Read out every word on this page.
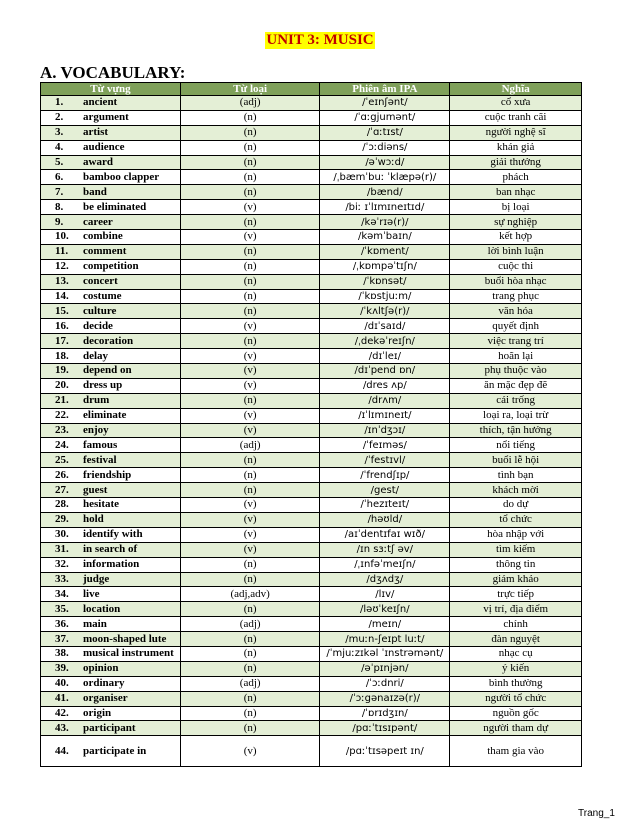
UNIT 3: MUSIC
A. VOCABULARY:
Từ vựng	Từ loại	Phiên âm IPA	Nghĩa
1. ancient	(adj)	/ˈeɪnʃənt/	cổ xưa
2. argument	(n)	/ˈɑːgjumənt/	cuộc tranh cãi
3. artist	(n)	/ˈɑːtɪst/	người nghệ sĩ
4. audience	(n)	/ˈɔːdiəns/	khán giả
5. award	(n)	/əˈwɔːd/	giải thưởng
6. bamboo clapper	(n)	/ˌbæmˈbuː ˈklæpə(r)/	phách
7. band	(n)	/bænd/	ban nhạc
8. be eliminated	(v)	/biː ɪˈlɪmɪneɪtɪd/	bị loại
9. career	(n)	/kəˈrɪə(r)/	sự nghiệp
10. combine	(v)	/kəmˈbaɪn/	kết hợp
11. comment	(n)	/ˈkɒment/	lời bình luận
12. competition	(n)	/ˌkɒmpəˈtɪʃn/	cuộc thi
13. concert	(n)	/ˈkɒnsət/	buổi hòa nhạc
14. costume	(n)	/ˈkɒstjuːm/	trang phục
15. culture	(n)	/ˈkʌltʃə(r)/	văn hóa
16. decide	(v)	/dɪˈsaɪd/	quyết định
17. decoration	(n)	/ˌdekəˈreɪʃn/	việc trang trí
18. delay	(v)	/dɪˈleɪ/	hoãn lại
19. depend on	(v)	/dɪˈpend ɒn/	phụ thuộc vào
20. dress up	(v)	/dres ʌp/	ăn mặc đẹp đẽ
21. drum	(n)	/drʌm/	cái trống
22. eliminate	(v)	/ɪˈlɪmɪneɪt/	loại ra, loại trừ
23. enjoy	(v)	/ɪnˈdʒɔɪ/	thích, tận hưởng
24. famous	(adj)	/ˈfeɪməs/	nổi tiếng
25. festival	(n)	/ˈfestɪvl/	buổi lễ hội
26. friendship	(n)	/ˈfrendʃɪp/	tình bạn
27. guest	(n)	/gest/	khách mời
28. hesitate	(v)	/ˈhezɪteɪt/	do dự
29. hold	(v)	/həʊld/	tổ chức
30. identify with	(v)	/aɪˈdentɪfaɪ wɪð/	hòa nhập với
31. in search of	(v)	/ɪn sɜːtʃ əv/	tìm kiếm
32. information	(n)	/ˌɪnfəˈmeɪʃn/	thông tin
33. judge	(n)	/dʒʌdʒ/	giám khảo
34. live	(adj,adv)	/lɪv/	trực tiếp
35. location	(n)	/ləʊˈkeɪʃn/	vị trí, địa điểm
36. main	(adj)	/meɪn/	chính
37. moon-shaped lute	(n)	/muːn-ʃeɪpt luːt/	đàn nguyệt
38. musical instrument	(n)	/ˈmjuːzɪkəl ˈɪnstrəmənt/	nhạc cụ
39. opinion	(n)	/əˈpɪnjən/	ý kiến
40. ordinary	(adj)	/ˈɔːdnri/	bình thường
41. organiser	(n)	/ˈɔːgənaɪzə(r)/	người tổ chức
42. origin	(n)	/ˈɒrɪdʒɪn/	nguồn gốc
43. participant	(n)	/pɑːˈtɪsɪpənt/	người tham dự
44. participate in	(v)	/pɑːˈtɪsəpeɪt ɪn/	tham gia vào
Trang_1
